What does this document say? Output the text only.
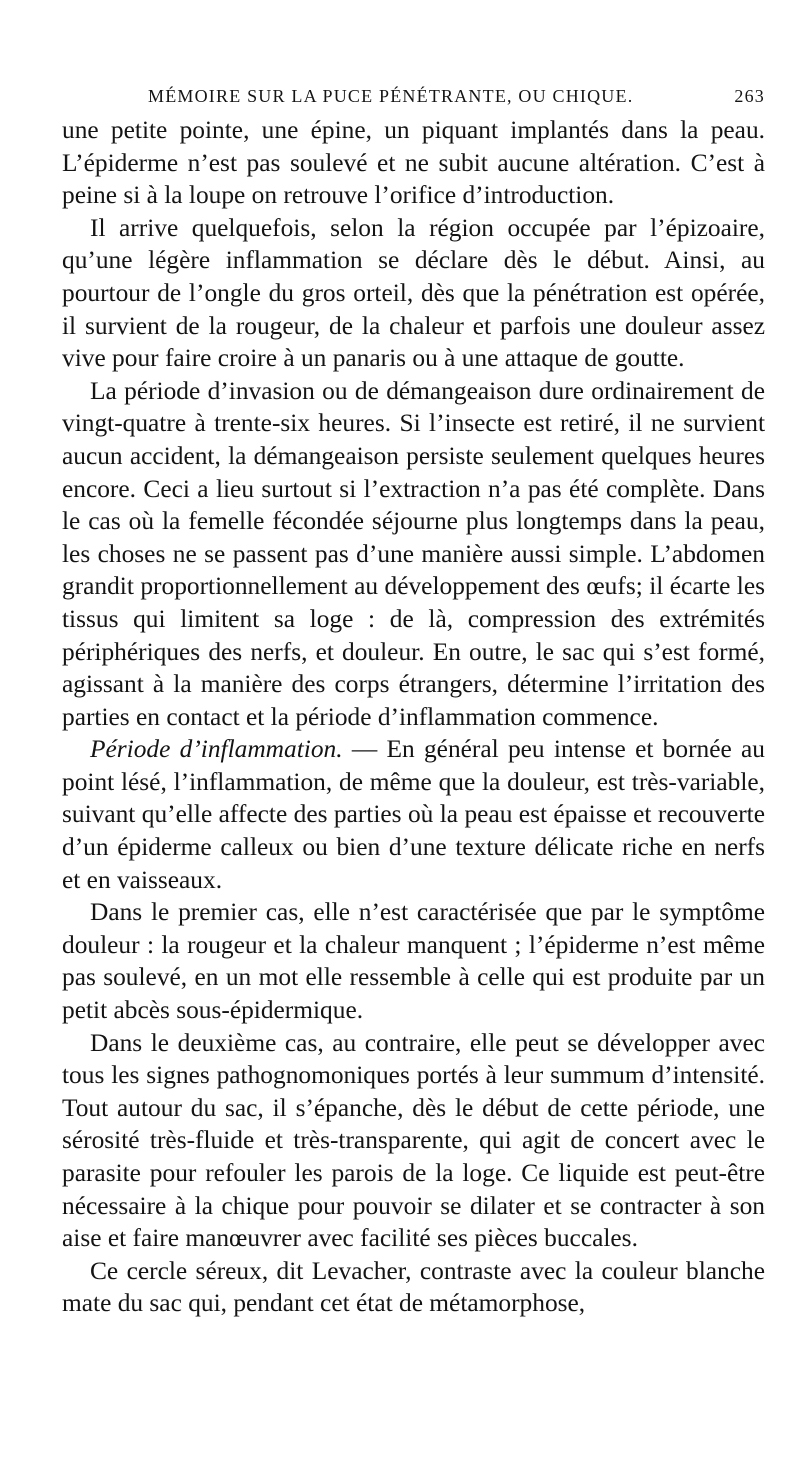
MÉMOIRE SUR LA PUCE PÉNÉTRANTE, OU CHIQUE.	263

une petite pointe, une épine, un piquant implantés dans la peau. L’épiderme n’est pas soulevé et ne subit aucune altération. C’est à peine si à la loupe on retrouve l’orifice d’introduction.

Il arrive quelquefois, selon la région occupée par l’épizoaire, qu’une légère inflammation se déclare dès le début. Ainsi, au pourtour de l’ongle du gros orteil, dès que la pénétration est opérée, il survient de la rougeur, de la chaleur et parfois une douleur assez vive pour faire croire à un panaris ou à une attaque de goutte.

La période d’invasion ou de démangeaison dure ordinairement de vingt-quatre à trente-six heures. Si l’insecte est retiré, il ne survient aucun accident, la démangeaison persiste seulement quelques heures encore. Ceci a lieu surtout si l’extraction n’a pas été complète. Dans le cas où la femelle fécondée séjourne plus longtemps dans la peau, les choses ne se passent pas d’une manière aussi simple. L’abdomen grandit proportionnellement au développement des œufs; il écarte les tissus qui limitent sa loge : de là, compression des extrémités périphériques des nerfs, et douleur. En outre, le sac qui s’est formé, agissant à la manière des corps étrangers, détermine l’irritation des parties en contact et la période d’inflammation commence.

Période d’inflammation. — En général peu intense et bornée au point lésé, l’inflammation, de même que la douleur, est très-variable, suivant qu’elle affecte des parties où la peau est épaisse et recouverte d’un épiderme calleux ou bien d’une texture délicate riche en nerfs et en vaisseaux.

Dans le premier cas, elle n’est caractérisée que par le symptôme douleur : la rougeur et la chaleur manquent ; l’épiderme n’est même pas soulevé, en un mot elle ressemble à celle qui est produite par un petit abcès sous-épidermique.

Dans le deuxième cas, au contraire, elle peut se développer avec tous les signes pathognomoniques portés à leur summum d’intensité. Tout autour du sac, il s’épanche, dès le début de cette période, une sérosité très-fluide et très-transparente, qui agit de concert avec le parasite pour refouler les parois de la loge. Ce liquide est peut-être nécessaire à la chique pour pouvoir se dilater et se contracter à son aise et faire manœuvrer avec facilité ses pièces buccales.

Ce cercle séreux, dit Levacher, contraste avec la couleur blanche mate du sac qui, pendant cet état de métamorphose,
